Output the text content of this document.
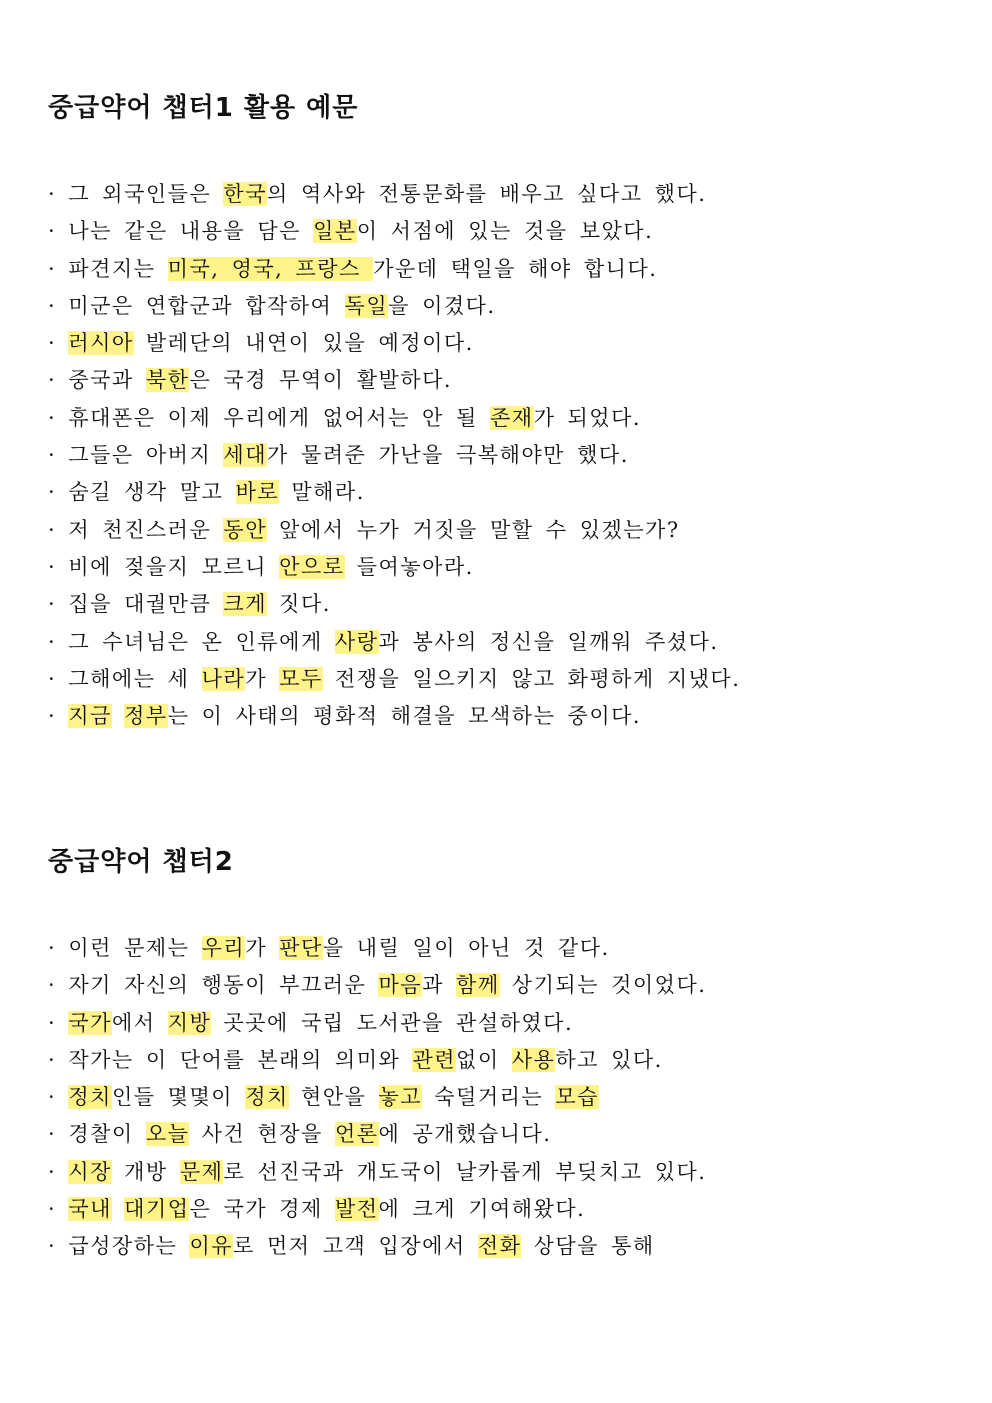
중급약어 챕터1 활용 예문
· 그 외국인들은 한국의 역사와 전통문화를 배우고 싶다고 했다.
· 나는 같은 내용을 담은 일본이 서점에 있는 것을 보았다.
· 파견지는 미국, 영국, 프랑스 가운데 택일을 해야 합니다.
· 미군은 연합군과 합작하여 독일을 이겼다.
· 러시아 발레단의 내연이 있을 예정이다.
· 중국과 북한은 국경 무역이 활발하다.
· 휴대폰은 이제 우리에게 없어서는 안 될 존재가 되었다.
· 그들은 아버지 세대가 물려준 가난을 극복해야만 했다.
· 숨길 생각 말고 바로 말해라.
· 저 천진스러운 동안 앞에서 누가 거짓을 말할 수 있겠는가?
· 비에 젖을지 모르니 안으로 들여놓아라.
· 집을 대궐만큼 크게 짓다.
· 그 수녀님은 온 인류에게 사랑과 봉사의 정신을 일깨워 주셨다.
· 그해에는 세 나라가 모두 전쟁을 일으키지 않고 화평하게 지냈다.
· 지금 정부는 이 사태의 평화적 해결을 모색하는 중이다.
중급약어 챕터2
· 이런 문제는 우리가 판단을 내릴 일이 아닌 것 같다.
· 자기 자신의 행동이 부끄러운 마음과 함께 상기되는 것이었다.
· 국가에서 지방 곳곳에 국립 도서관을 관설하였다.
· 작가는 이 단어를 본래의 의미와 관련없이 사용하고 있다.
· 정치인들 몇몇이 정치 현안을 놓고 숙덜거리는 모습
· 경찰이 오늘 사건 현장을 언론에 공개했습니다.
· 시장 개방 문제로 선진국과 개도국이 날카롭게 부딪치고 있다.
· 국내 대기업은 국가 경제 발전에 크게 기여해왔다.
· 급성장하는 이유로 먼저 고객 입장에서 전화 상담을 통해
